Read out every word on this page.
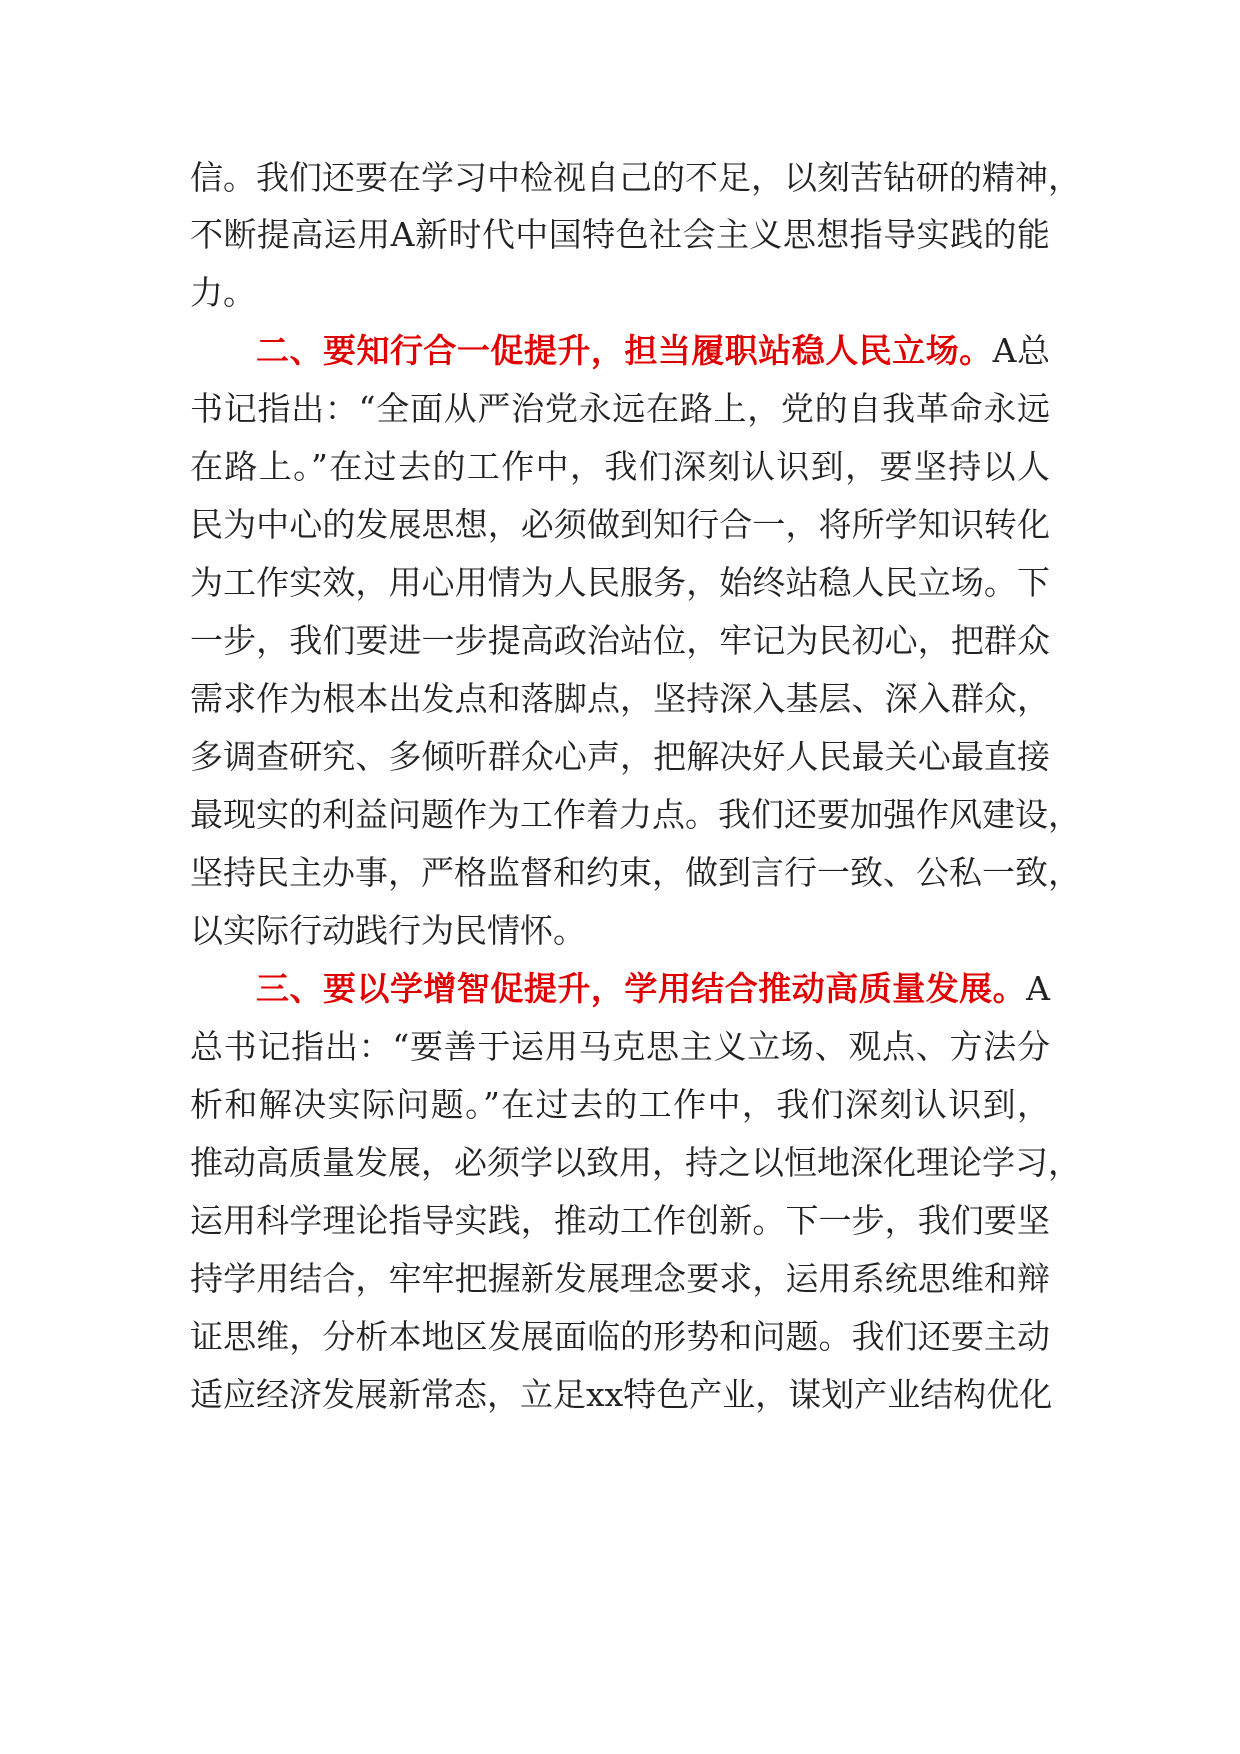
信。我们还要在学习中检视自己的不足，以刻苦钻研的精神，
不断提高运用A新时代中国特色社会主义思想指导实践的能
力。
二、要知行合一促提升，担当履职站稳人民立场。A总
书记指出：“全面从严治党永远在路上，党的自我革命永远
在路上。”在过去的工作中，我们深刻认识到，要坚持以人
民为中心的发展思想，必须做到知行合一，将所学知识转化
为工作实效，用心用情为人民服务，始终站稳人民立场。下
一步，我们要进一步提高政治站位，牢记为民初心，把群众
需求作为根本出发点和落脚点，坚持深入基层、深入群众，
多调查研究、多倾听群众心声，把解决好人民最关心最直接
最现实的利益问题作为工作着力点。我们还要加强作风建设，
坚持民主办事，严格监督和约束，做到言行一致、公私一致，
以实际行动践行为民情怀。
三、要以学增智促提升，学用结合推动高质量发展。A
总书记指出：“要善于运用马克思主义立场、观点、方法分
析和解决实际问题。”在过去的工作中，我们深刻认识到，
推动高质量发展，必须学以致用，持之以恒地深化理论学习，
运用科学理论指导实践，推动工作创新。下一步，我们要坚
持学用结合，牢牢把握新发展理念要求，运用系统思维和辩
证思维，分析本地区发展面临的形势和问题。我们还要主动
适应经济发展新常态，立足xx特色产业，谋划产业结构优化
